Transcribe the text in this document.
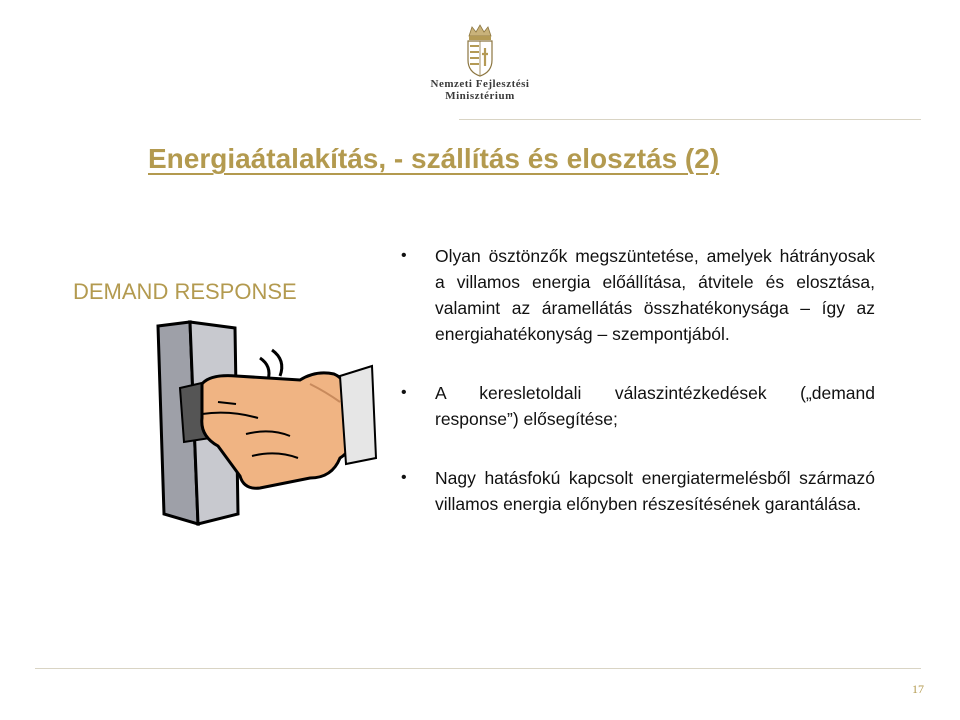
Nemzeti Fejlesztési
Minisztérium
Energiaátalakítás, - szállítás és elosztás (2)
DEMAND RESPONSE
• Olyan ösztönzők megszüntetése, amelyek hátrányosak a villamos energia előállítása, átvitele és elosztása, valamint az áramellátás összhatékonysága – így az energiahatékonyság – szempontjából.
• A keresletoldali válaszintézkedések („demand response”) elősegítése;
• Nagy hatásfokú kapcsolt energiatermelésből származó villamos energia előnyben részesítésének garantálása.
17
